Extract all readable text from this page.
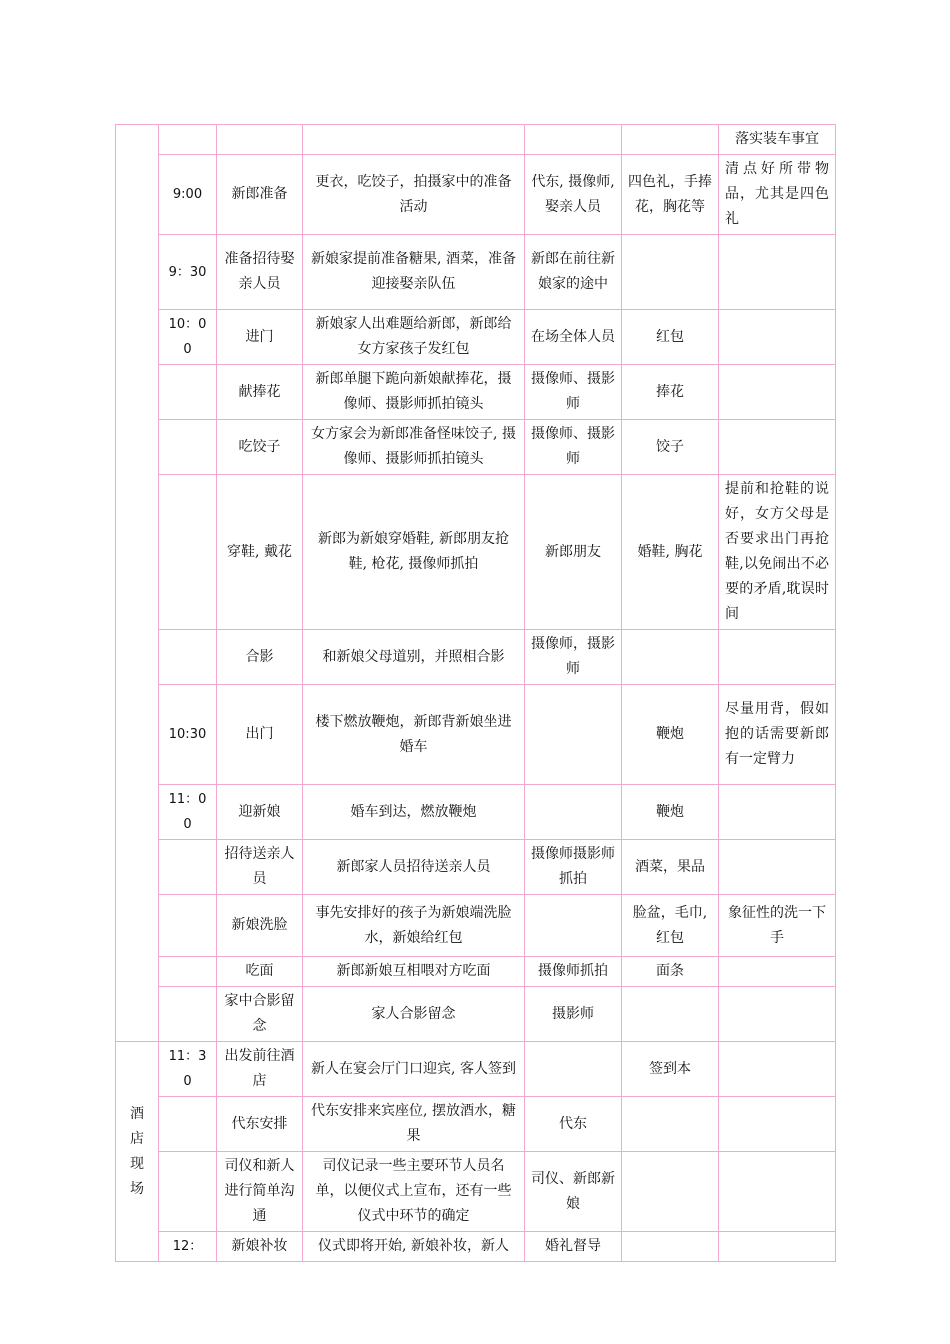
						落实装车事宜
	9:00	新郎准备	更衣，吃饺子，拍摄家中的准备活动	代东, 摄像师, 娶亲人员	四色礼，手捧花，胸花等	清点好所带物品，尤其是四色礼
	9：30	准备招待娶亲人员	新娘家提前准备糖果, 酒菜，准备迎接娶亲队伍	新郎在前往新娘家的途中		
	10：00	进门	新娘家人出难题给新郎，新郎给女方家孩子发红包	在场全体人员	红包	
		献捧花	新郎单腿下跪向新娘献捧花，摄像师、摄影师抓拍镜头	摄像师、摄影师	捧花	
		吃饺子	女方家会为新郎准备怪味饺子, 摄像师、摄影师抓拍镜头	摄像师、摄影师	饺子	
		穿鞋, 戴花	新郎为新娘穿婚鞋, 新郎朋友抢鞋, 枪花, 摄像师抓拍	新郎朋友	婚鞋, 胸花	提前和抢鞋的说好，女方父母是否要求出门再抢鞋,以免闹出不必要的矛盾,耽误时间
		合影	和新娘父母道别，并照相合影	摄像师，摄影师		
	10:30	出门	楼下燃放鞭炮，新郎背新娘坐进婚车		鞭炮	尽量用背，假如抱的话需要新郎有一定臂力
	11：00	迎新娘	婚车到达，燃放鞭炮		鞭炮	
		招待送亲人员	新郎家人员招待送亲人员	摄像师摄影师抓拍	酒菜，果品	
		新娘洗脸	事先安排好的孩子为新娘端洗脸水，新娘给红包		脸盆，毛巾,红包	象征性的洗一下手
		吃面	新郎新娘互相喂对方吃面	摄像师抓拍	面条	
		家中合影留念	家人合影留念	摄影师		

酒店现场	11：30	出发前往酒店	新人在宴会厅门口迎宾, 客人签到		签到本	
		代东安排	代东安排来宾座位, 摆放酒水，糖果	代东		
		司仪和新人进行简单沟通	司仪记录一些主要环节人员名单，以便仪式上宣布，还有一些仪式中环节的确定	司仪、新郎新娘		
	12：	新娘补妆	仪式即将开始, 新娘补妆，新人	婚礼督导		
